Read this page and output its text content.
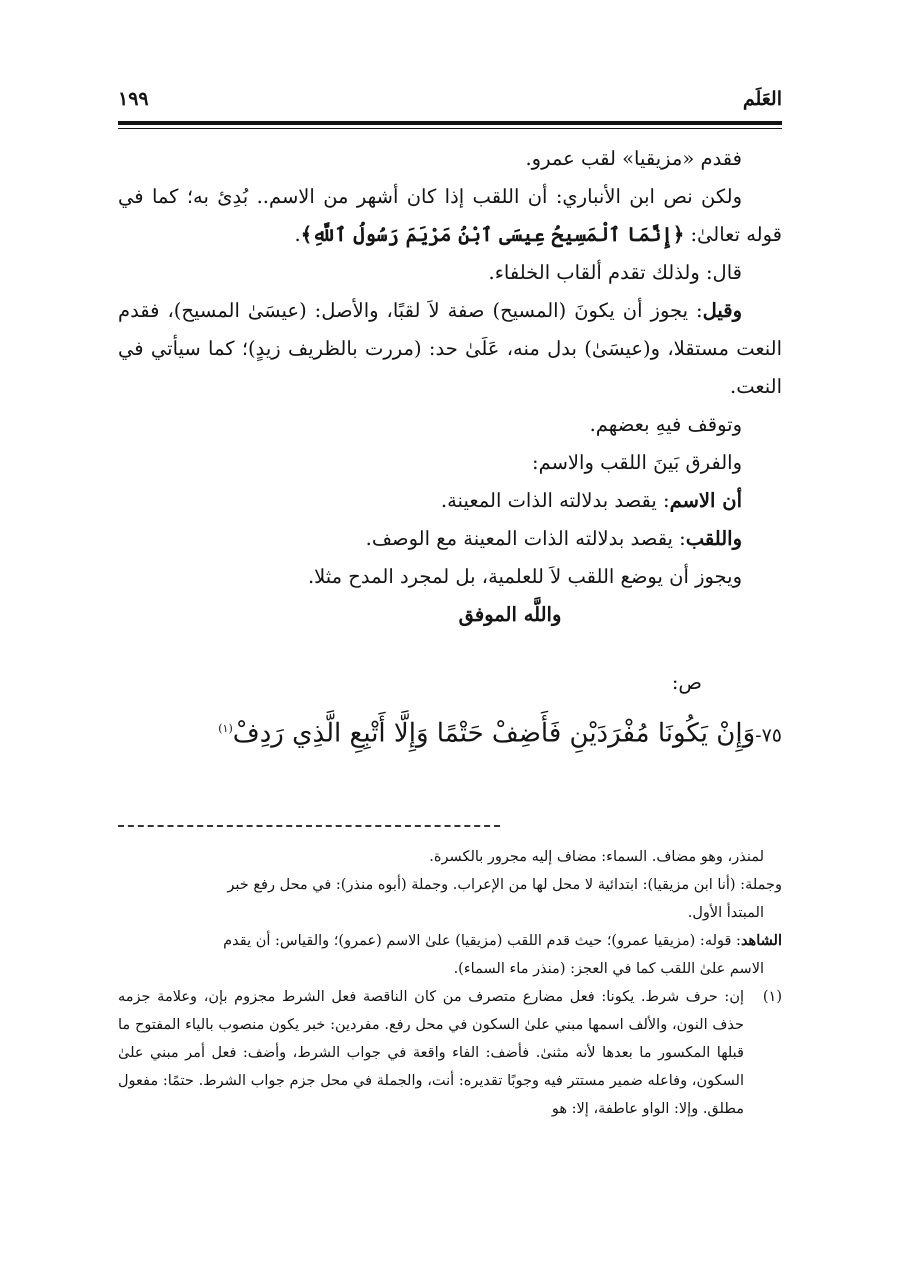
العَلَم
١٩٩

فقدم «مزيقيا» لقب عمرو.

ولكن نص ابن الأنباري: أن اللقب إذا كان أشهر من الاسم.. بُدِئ به؛ كما في قوله تعالىٰ: ﴿إِنَّمَا ٱلْمَسِيحُ عِيسَى ٱبْنُ مَرْيَمَ رَسُولُ ٱللَّهِ﴾.

قال: ولذلك تقدم ألقاب الخلفاء.

وقيل: يجوز أن يكونَ (المسيح) صفة لاَ لقبًا، والأصل: (عيسَىٰ المسيح)، فقدم النعت مستقلا، و(عيسَىٰ) بدل منه، عَلَىٰ حد: (مررت بالظريف زيدٍ)؛ كما سيأتي في النعت.

وتوقف فيهِ بعضهم.

والفرق بَينَ اللقب والاسم:

أن الاسم: يقصد بدلالته الذات المعينة.

واللقب: يقصد بدلالته الذات المعينة مع الوصف.

ويجوز أن يوضع اللقب لاَ للعلمية، بل لمجرد المدح مثلا.

واللَّه الموفق

ص:

٧٥-وَإِنْ يَكُونَا مُفْرَدَيْنِ فَأَضِفْ حَتْمًا وَإِلَّا أَتْبِعِ الَّذِي رَدِفْ$^{(١)}$

لمنذر، وهو مضاف. السماء: مضاف إليه مجرور بالكسرة.

وجملة: (أنا ابن مزيقيا): ابتدائية لا محل لها من الإعراب. وجملة (أبوه منذر): في محل رفع خبر

المبتدأ الأول.

الشاهد: قوله: (مزيقيا عمرو)؛ حيث قدم اللقب (مزيقيا) علىٰ الاسم (عمرو)؛ والقياس: أن يقدم

الاسم علىٰ اللقب كما في العجز: (منذر ماء السماء).

(١)إن: حرف شرط. يكونا: فعل مضارع متصرف من كان الناقصة فعل الشرط مجزوم بإن، وعلامة جزمه حذف النون، والألف اسمها مبني علىٰ السكون في محل رفع. مفردين: خبر يكون منصوب بالياء المفتوح ما قبلها المكسور ما بعدها لأنه مثنىٰ. فأضف: الفاء واقعة في جواب الشرط، وأضف: فعل أمر مبني علىٰ السكون، وفاعله ضمير مستتر فيه وجوبًا تقديره: أنت، والجملة في محل جزم جواب الشرط. حتمًا: مفعول مطلق. وإلا: الواو عاطفة، إلا: هو
